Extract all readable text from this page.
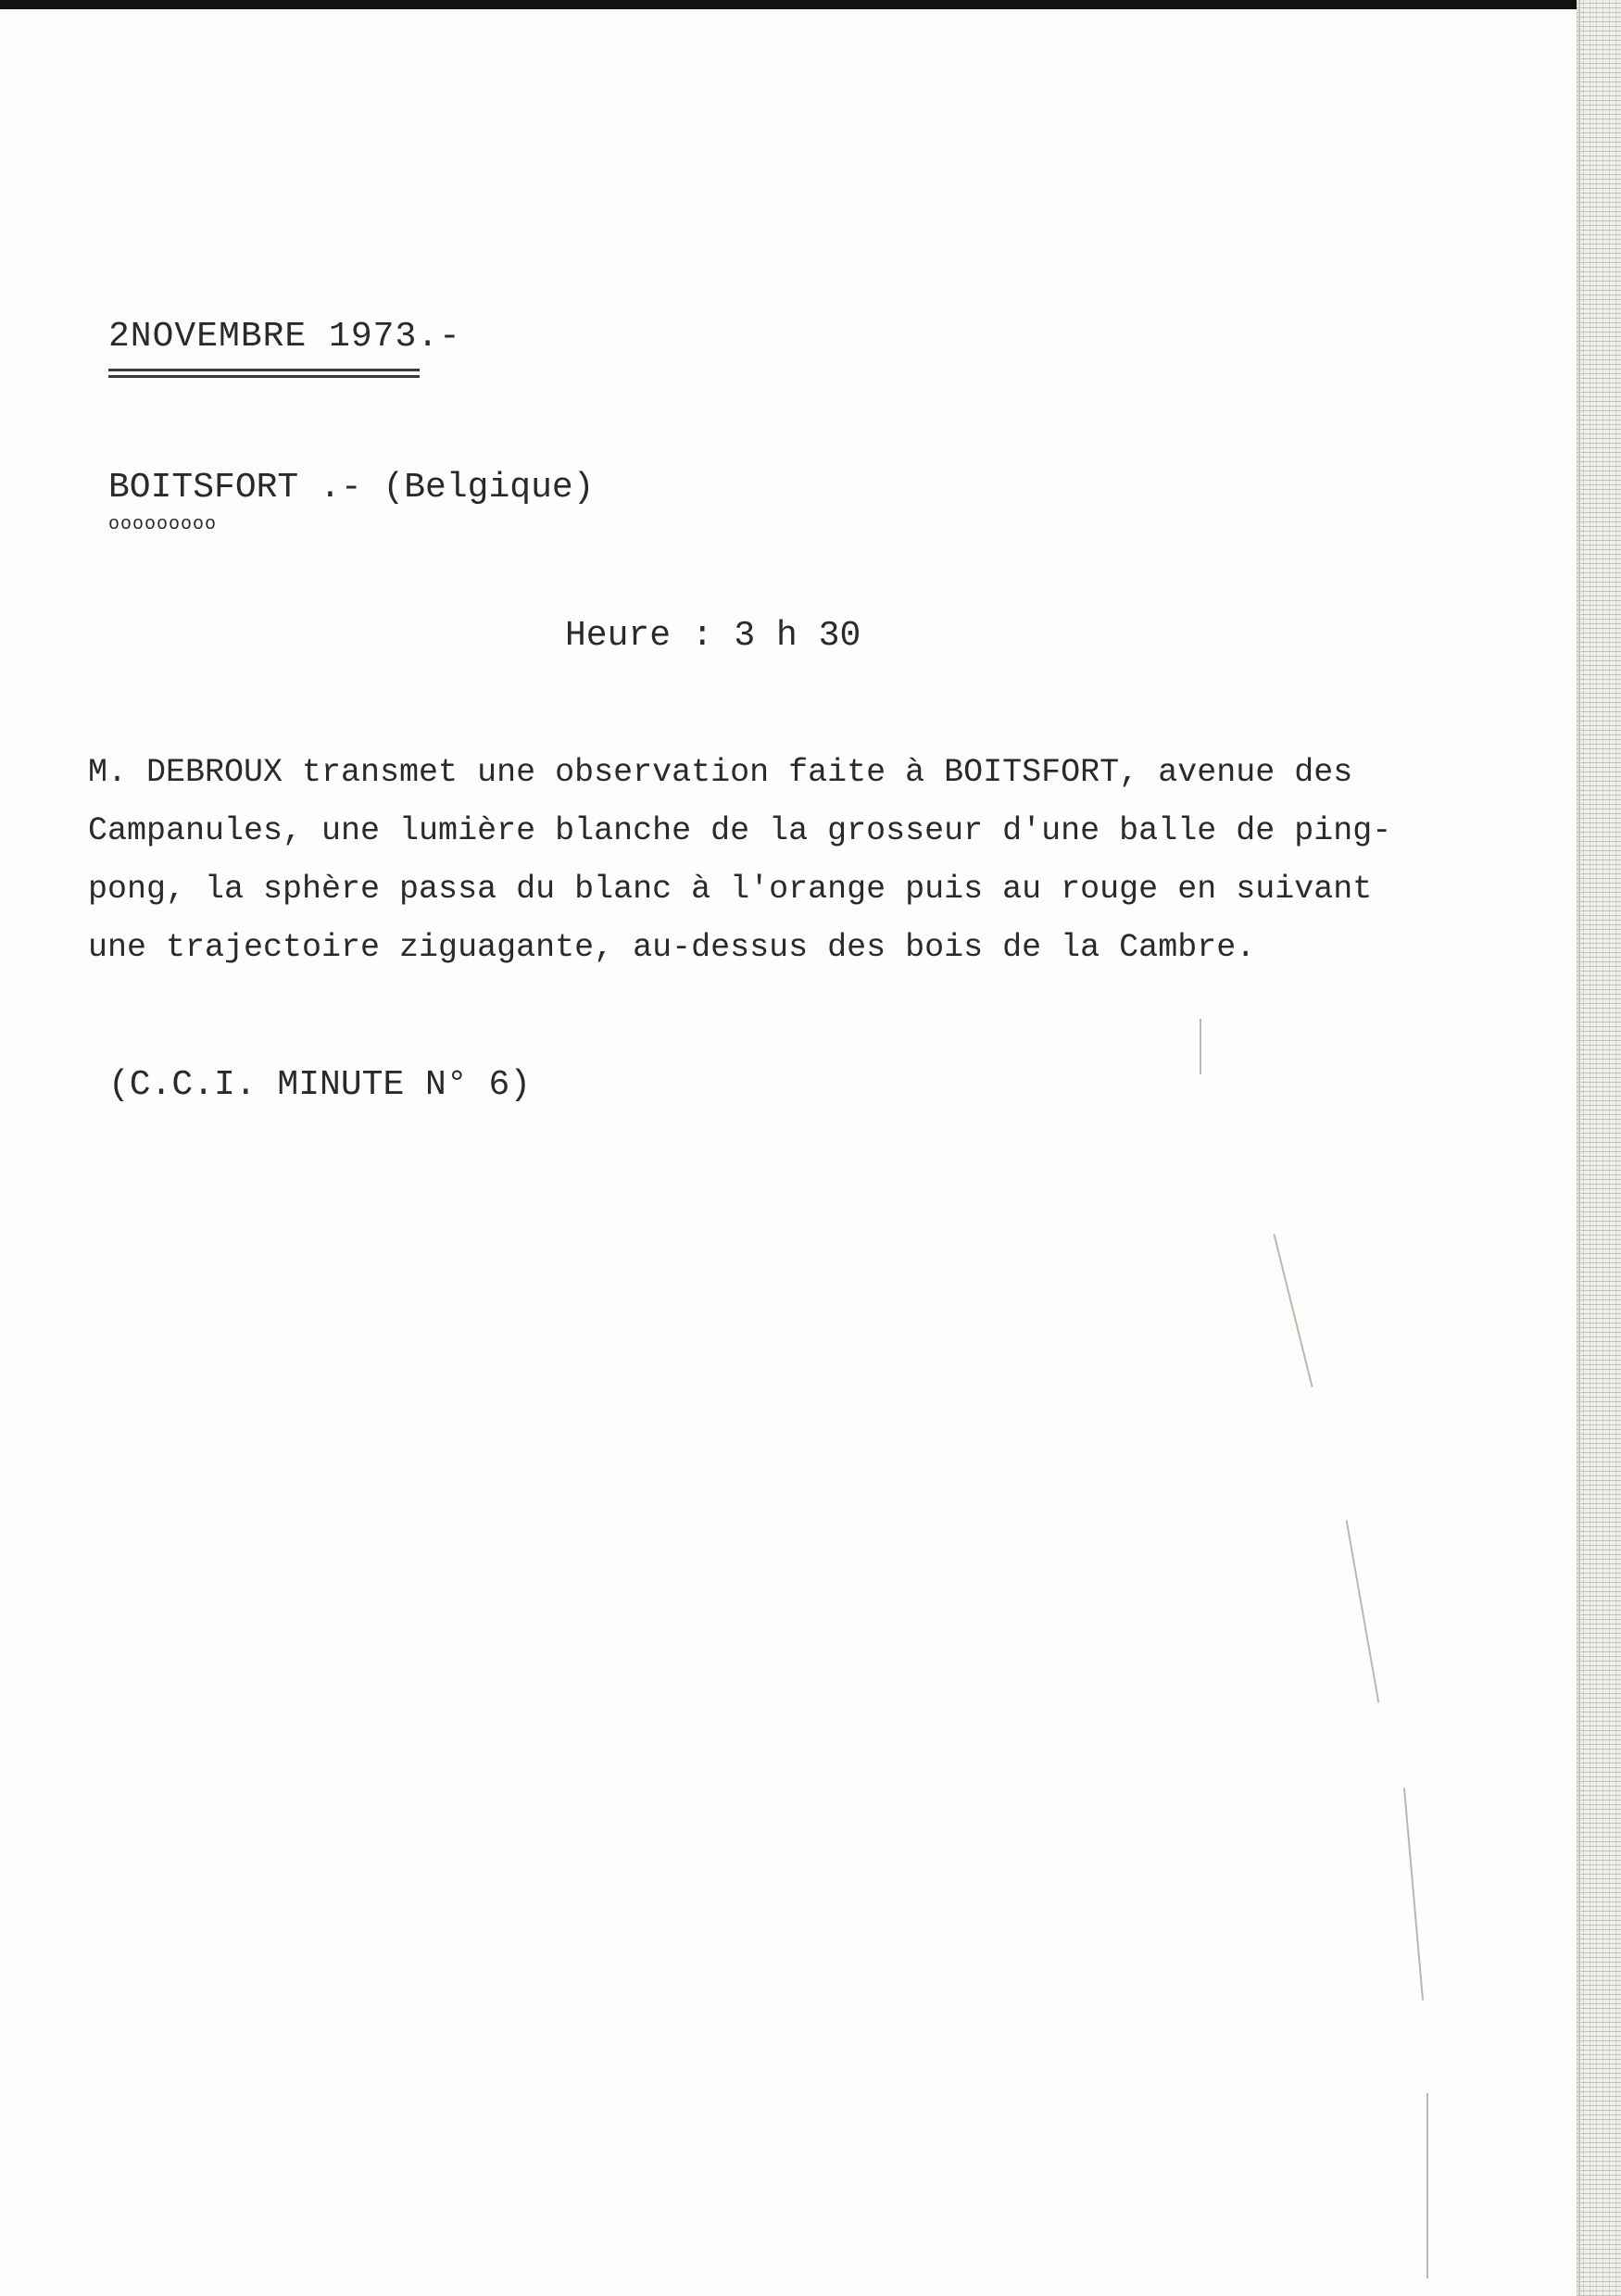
2NOVEMBRE 1973.-
BOITSFORT .- (Belgique)
ooooooooo
Heure : 3 h 30
M. DEBROUX transmet une observation faite à BOITSFORT, avenue des
Campanules, une lumière blanche de la grosseur d'une balle de ping-
pong, la sphère passa du blanc à l'orange puis au rouge en suivant
une trajectoire ziguagante, au-dessus des bois de la Cambre.
(C.C.I. MINUTE N° 6)
